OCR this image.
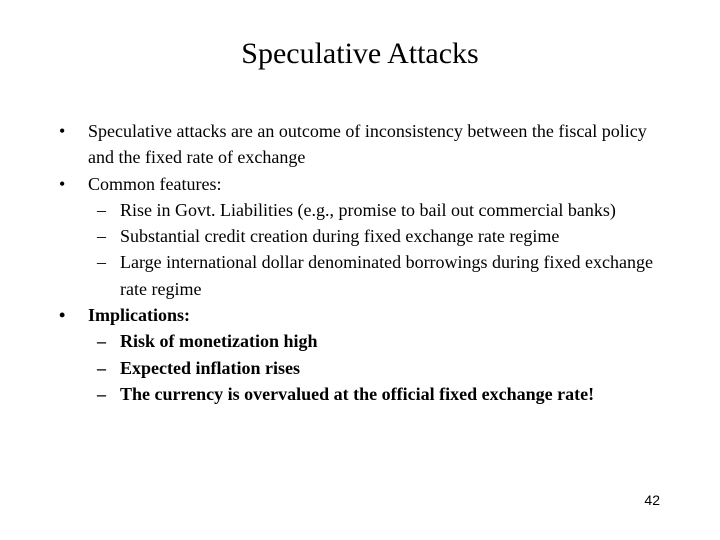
Speculative Attacks
• Speculative attacks are an outcome of inconsistency between the fiscal policy and the fixed rate of exchange
• Common features:
– Rise in Govt. Liabilities (e.g., promise to bail out commercial banks)
– Substantial credit creation during fixed exchange rate regime
– Large international dollar denominated borrowings during fixed exchange rate regime
• Implications:
– Risk of monetization high
– Expected inflation rises
– The currency is overvalued at the official fixed exchange rate!
42
